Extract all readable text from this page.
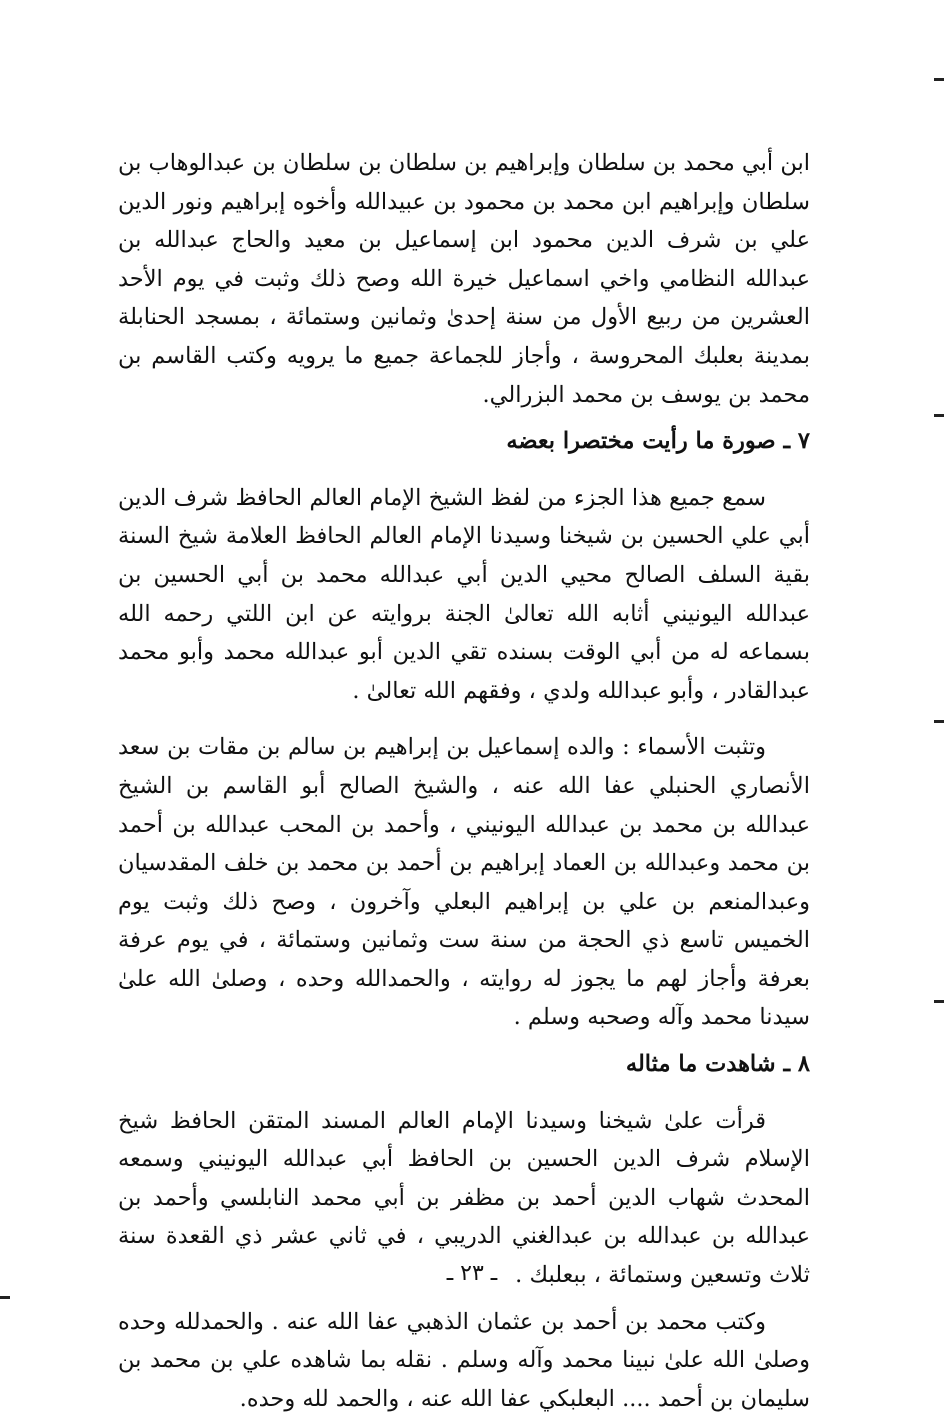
ابن أبي محمد بن سلطان وإبراهيم بن سلطان بن سلطان بن عبدالوهاب بن سلطان وإبراهيم ابن محمد بن محمود بن عبيدالله وأخوه إبراهيم ونور الدين علي بن شرف الدين محمود ابن إسماعيل بن معيد والحاج عبدالله بن عبدالله النظامي واخي اسماعيل خيرة الله وصح ذلك وثبت في يوم الأحد العشرين من ربيع الأول من سنة إحدىٰ وثمانين وستمائة ، بمسجد الحنابلة بمدينة بعلبك المحروسة ، وأجاز للجماعة جميع ما يرويه وكتب القاسم بن محمد بن يوسف بن محمد البزرالي.

٧ ـ صورة ما رأيت مختصرا بعضه

سمع جميع هذا الجزء من لفظ الشيخ الإمام العالم الحافظ شرف الدين أبي علي الحسين بن شيخنا وسيدنا الإمام العالم الحافظ العلامة شيخ السنة بقية السلف الصالح محيي الدين أبي عبدالله محمد بن أبي الحسين بن عبدالله اليونيني أثابه الله تعالىٰ الجنة بروايته عن ابن اللتي رحمه الله بسماعه له من أبي الوقت بسنده تقي الدين أبو عبدالله محمد وأبو محمد عبدالقادر ، وأبو عبدالله ولدي ، وفقهم الله تعالىٰ .

وتثبت الأسماء : والده إسماعيل بن إبراهيم بن سالم بن مقات بن سعد الأنصاري الحنبلي عفا الله عنه ، والشيخ الصالح أبو القاسم بن الشيخ عبدالله بن محمد بن عبدالله اليونيني ، وأحمد بن المحب عبدالله بن أحمد بن محمد وعبدالله بن العماد إبراهيم بن أحمد بن محمد بن خلف المقدسيان وعبدالمنعم بن علي بن إبراهيم البعلي وآخرون ، وصح ذلك وثبت يوم الخميس تاسع ذي الحجة من سنة ست وثمانين وستمائة ، في يوم عرفة بعرفة وأجاز لهم ما يجوز له روايته ، والحمدالله وحده ، وصلىٰ الله علىٰ سيدنا محمد وآله وصحبه وسلم .

٨ ـ شاهدت ما مثاله

قرأت علىٰ شيخنا وسيدنا الإمام العالم المسند المتقن الحافظ شيخ الإسلام شرف الدين الحسين بن الحافظ أبي عبدالله اليونيني وسمعه المحدث شهاب الدين أحمد بن مظفر بن أبي محمد النابلسي وأحمد بن عبدالله بن عبدالله بن عبدالغني الدريبي ، في ثاني عشر ذي القعدة سنة ثلاث وتسعين وستمائة ، ببعلبك .

وكتب محمد بن أحمد بن عثمان الذهبي عفا الله عنه . والحمدلله وحده وصلىٰ الله علىٰ نبينا محمد وآله وسلم . نقله بما شاهده علي بن محمد بن سليمان بن أحمد .... البعلبكي عفا الله عنه ، والحمد لله وحده.

ـ ٢٣ ـ
